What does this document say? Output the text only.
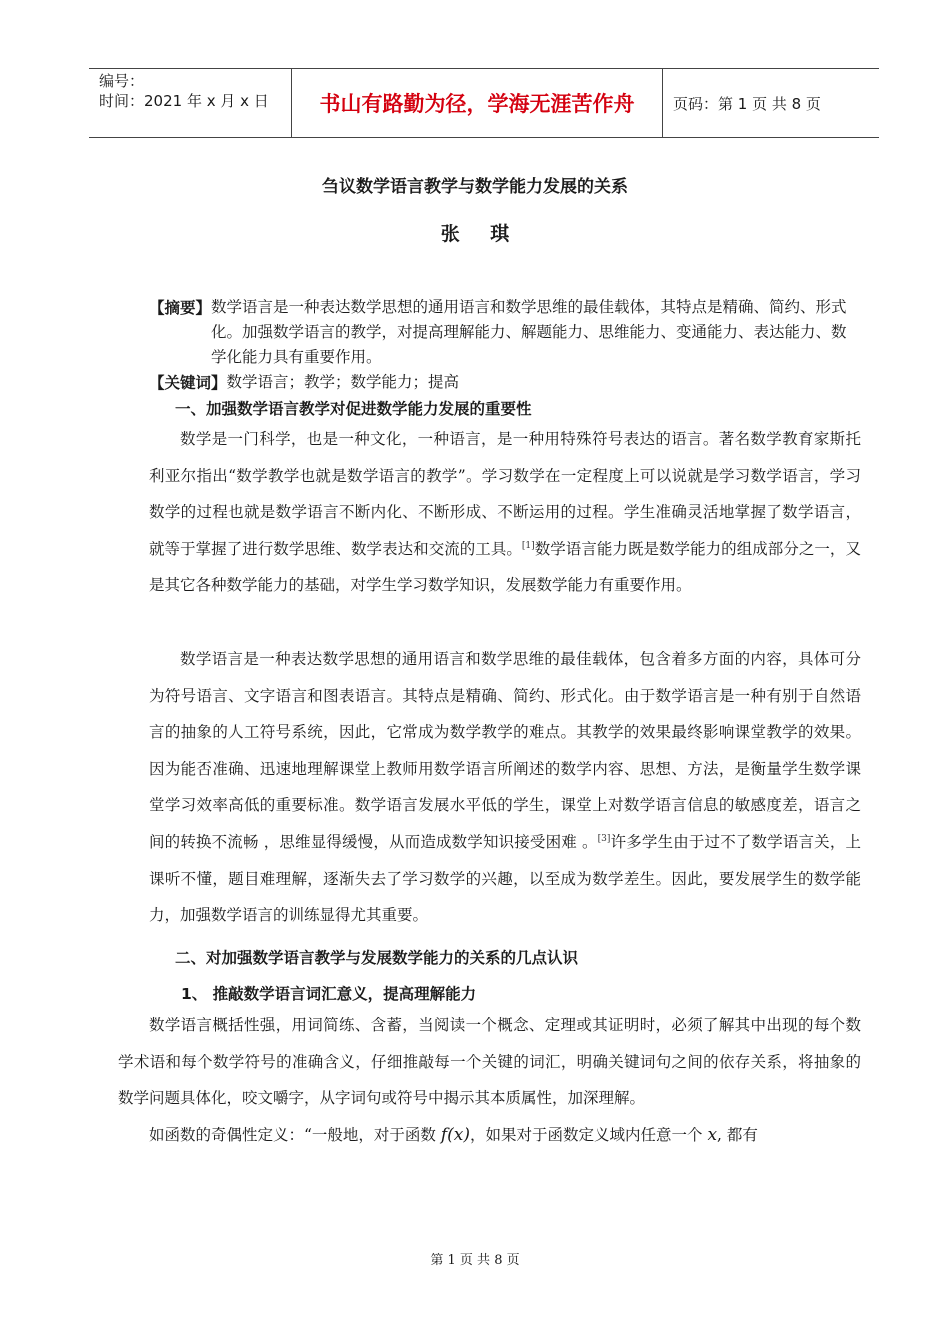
编号：
时间：2021 年 x 月 x 日	书山有路勤为径，学海无涯苦作舟	页码：第 1 页 共 8 页
刍议数学语言教学与数学能力发展的关系
张 琪
【摘要】 数学语言是一种表达数学思想的通用语言和数学思维的最佳载体，其特点是精确、简约、形式化。加强数学语言的教学，对提高理解能力、解题能力、思维能力、变通能力、表达能力、数学化能力具有重要作用。
【关键词】 数学语言；教学；数学能力；提高
一、加强数学语言教学对促进数学能力发展的重要性

数学是一门科学，也是一种文化，一种语言，是一种用特殊符号表达的语言。著名数学教育家斯托利亚尔指出“数学教学也就是数学语言的教学”。学习数学在一定程度上可以说就是学习数学语言，学习数学的过程也就是数学语言不断内化、不断形成、不断运用的过程。学生准确灵活地掌握了数学语言，就等于掌握了进行数学思维、数学表达和交流的工具。[1]数学语言能力既是数学能力的组成部分之一，又是其它各种数学能力的基础，对学生学习数学知识，发展数学能力有重要作用。

数学语言是一种表达数学思想的通用语言和数学思维的最佳载体，包含着多方面的内容，具体可分为符号语言、文字语言和图表语言。其特点是精确、简约、形式化。由于数学语言是一种有别于自然语言的抽象的人工符号系统，因此，它常成为数学教学的难点。其教学的效果最终影响课堂教学的效果。因为能否准确、迅速地理解课堂上教师用数学语言所阐述的数学内容、思想、方法，是衡量学生数学课堂学习效率高低的重要标准。数学语言发展水平低的学生，课堂上对数学语言信息的敏感度差，语言之间的转换不流畅 ，思维显得缓慢，从而造成数学知识接受困难 。[3]许多学生由于过不了数学语言关，上课听不懂，题目难理解，逐渐失去了学习数学的兴趣，以至成为数学差生。因此，要发展学生的数学能力，加强数学语言的训练显得尤其重要。

二、对加强数学语言教学与发展数学能力的关系的几点认识
1、 推敲数学语言词汇意义，提高理解能力

数学语言概括性强，用词简练、含蓄，当阅读一个概念、定理或其证明时，必须了解其中出现的每个数学术语和每个数学符号的准确含义，仔细推敲每一个关键的词汇，明确关键词句之间的依存关系，将抽象的数学问题具体化，咬文嚼字，从字词句或符号中揭示其本质属性，加深理解。

如函数的奇偶性定义：“一般地，对于函数 f(x)，如果对于函数定义域内任意一个 x, 都有

第 1 页 共 8 页
